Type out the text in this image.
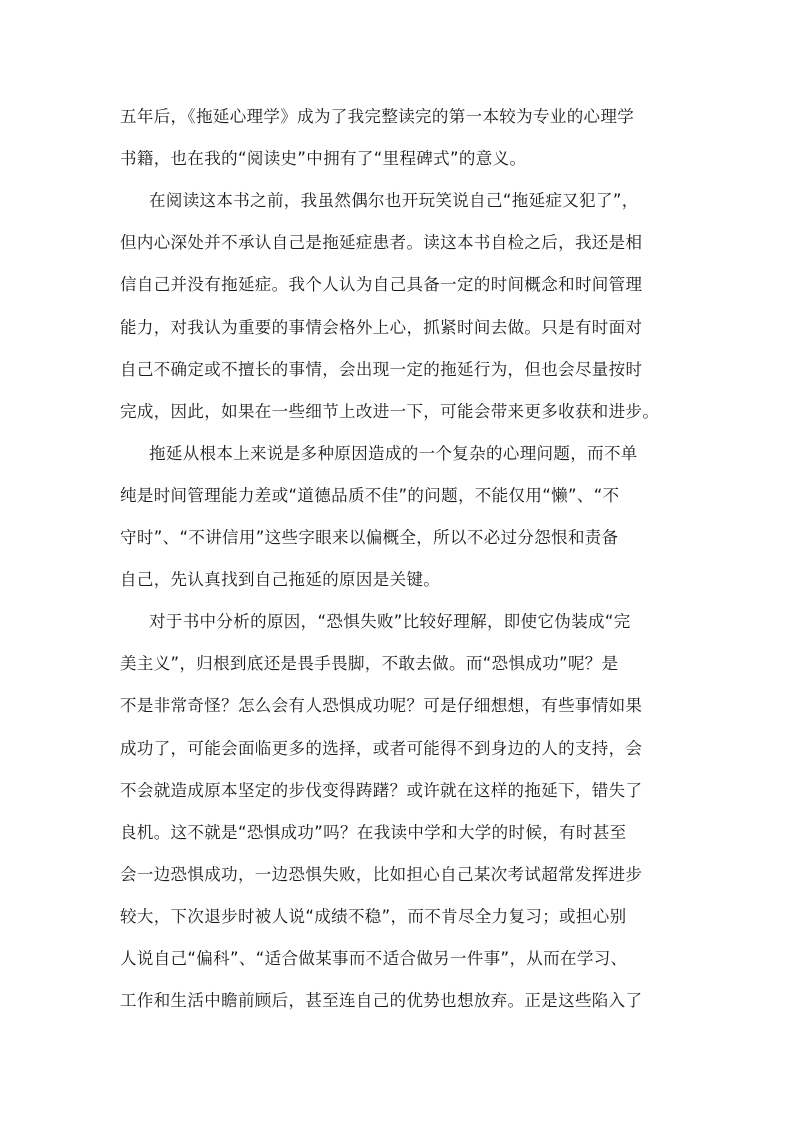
五年后，《拖延心理学》成为了我完整读完的第一本较为专业的心理学
书籍，也在我的“阅读史”中拥有了“里程碑式”的意义。
在阅读这本书之前，我虽然偶尔也开玩笑说自己“拖延症又犯了”，
但内心深处并不承认自己是拖延症患者。读这本书自检之后，我还是相
信自己并没有拖延症。我个人认为自己具备一定的时间概念和时间管理
能力，对我认为重要的事情会格外上心，抓紧时间去做。只是有时面对
自己不确定或不擅长的事情，会出现一定的拖延行为，但也会尽量按时
完成，因此，如果在一些细节上改进一下，可能会带来更多收获和进步。
拖延从根本上来说是多种原因造成的一个复杂的心理问题，而不单
纯是时间管理能力差或“道德品质不佳”的问题，不能仅用“懒”、“不
守时”、“不讲信用”这些字眼来以偏概全，所以不必过分怨恨和责备
自己，先认真找到自己拖延的原因是关键。
对于书中分析的原因，“恐惧失败”比较好理解，即使它伪装成“完
美主义”，归根到底还是畏手畏脚，不敢去做。而“恐惧成功”呢？是
不是非常奇怪？怎么会有人恐惧成功呢？可是仔细想想，有些事情如果
成功了，可能会面临更多的选择，或者可能得不到身边的人的支持，会
不会就造成原本坚定的步伐变得踌躇？或许就在这样的拖延下，错失了
良机。这不就是“恐惧成功”吗？在我读中学和大学的时候，有时甚至
会一边恐惧成功，一边恐惧失败，比如担心自己某次考试超常发挥进步
较大，下次退步时被人说“成绩不稳”，而不肯尽全力复习；或担心别
人说自己“偏科”、“适合做某事而不适合做另一件事”，从而在学习、
工作和生活中瞻前顾后，甚至连自己的优势也想放弃。正是这些陷入了
